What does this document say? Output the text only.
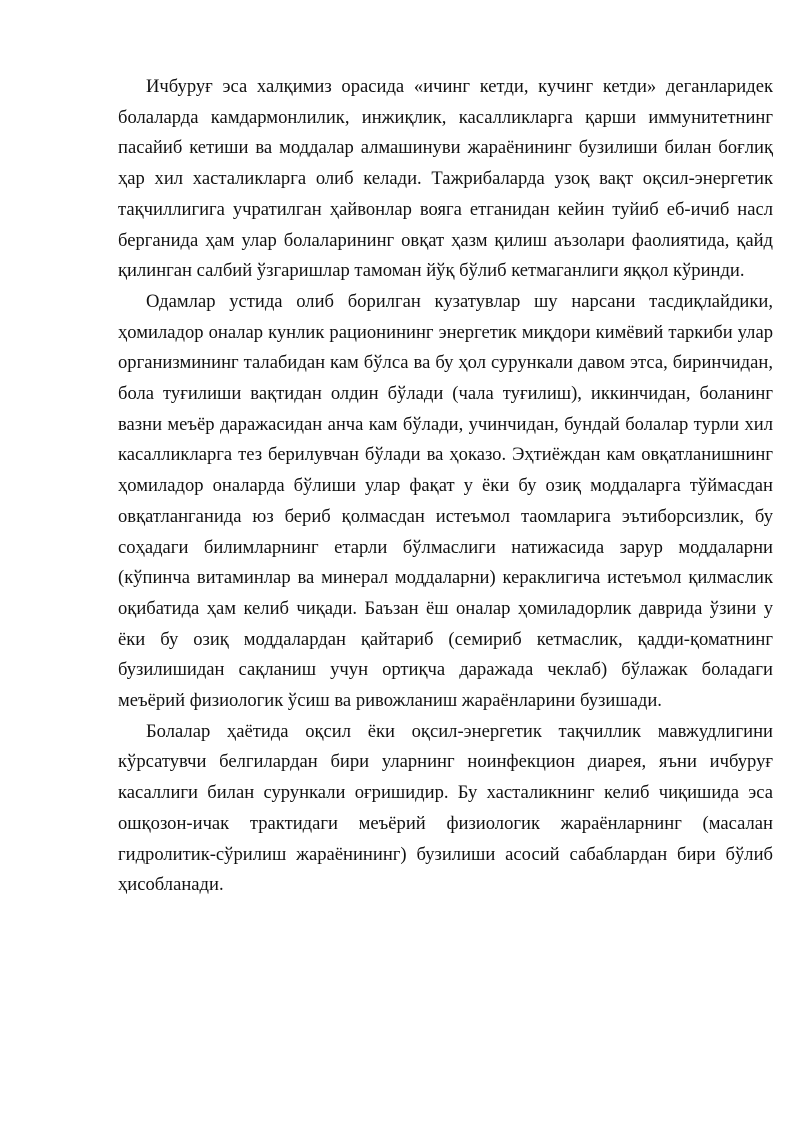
Ичбуруғ эса халқимиз орасида «ичинг кетди, кучинг кетди» деганларидек болаларда камдармонлилик, инжиқлик, касалликларга қарши иммунитетнинг пасайиб кетиши ва моддалар алмашинуви жараёнининг бузилиши билан боғлиқ ҳар хил хасталикларга олиб келади. Тажрибаларда узоқ вақт оқсил-энергетик тақчиллигига учратилган ҳайвонлар вояга етганидан кейин туйиб еб-ичиб насл берганида ҳам улар болаларининг овқат ҳазм қилиш аъзолари фаолиятида, қайд қилинган салбий ўзгаришлар тамоман йўқ бўлиб кетмаганлиги яққол кўринди.

Одамлар устида олиб борилган кузатувлар шу нарсани тасдиқлайдики, ҳомиладор оналар кунлик рационининг энергетик миқдори кимёвий таркиби улар организмининг талабидан кам бўлса ва бу ҳол сурункали давом этса, биринчидан, бола туғилиши вақтидан олдин бўлади (чала туғилиш), иккинчидан, боланинг вазни меъёр даражасидан анча кам бўлади, учинчидан, бундай болалар турли хил касалликларга тез берилувчан бўлади ва ҳоказо. Эҳтиёждан кам овқатланишнинг ҳомиладор оналарда бўлиши улар фақат у ёки бу озиқ моддаларга тўймасдан овқатланганида юз бериб қолмасдан истеъмол таомларига эътиборсизлик, бу соҳадаги билимларнинг етарли бўлмаслиги натижасида зарур моддаларни (кўпинча витаминлар ва минерал моддаларни) кераклигича истеъмол қилмаслик оқибатида ҳам келиб чиқади. Баъзан ёш оналар ҳомиладорлик даврида ўзини у ёки бу озиқ моддалардан қайтариб (семириб кетмаслик, қадди-қоматнинг бузилишидан сақланиш учун ортиқча даражада чеклаб) бўлажак боладаги меъёрий физиологик ўсиш ва ривожланиш жараёнларини бузишади.

Болалар ҳаётида оқсил ёки оқсил-энергетик тақчиллик мавжудлигини кўрсатувчи белгилардан бири уларнинг ноинфекцион диарея, яъни ичбуруғ касаллиги билан сурункали оғришидир. Бу хасталикнинг келиб чиқишида эса ошқозон-ичак трактидаги меъёрий физиологик жараёнларнинг (масалан гидролитик-сўрилиш жараёнининг) бузилиши асосий сабаблардан бири бўлиб ҳисобланади.
